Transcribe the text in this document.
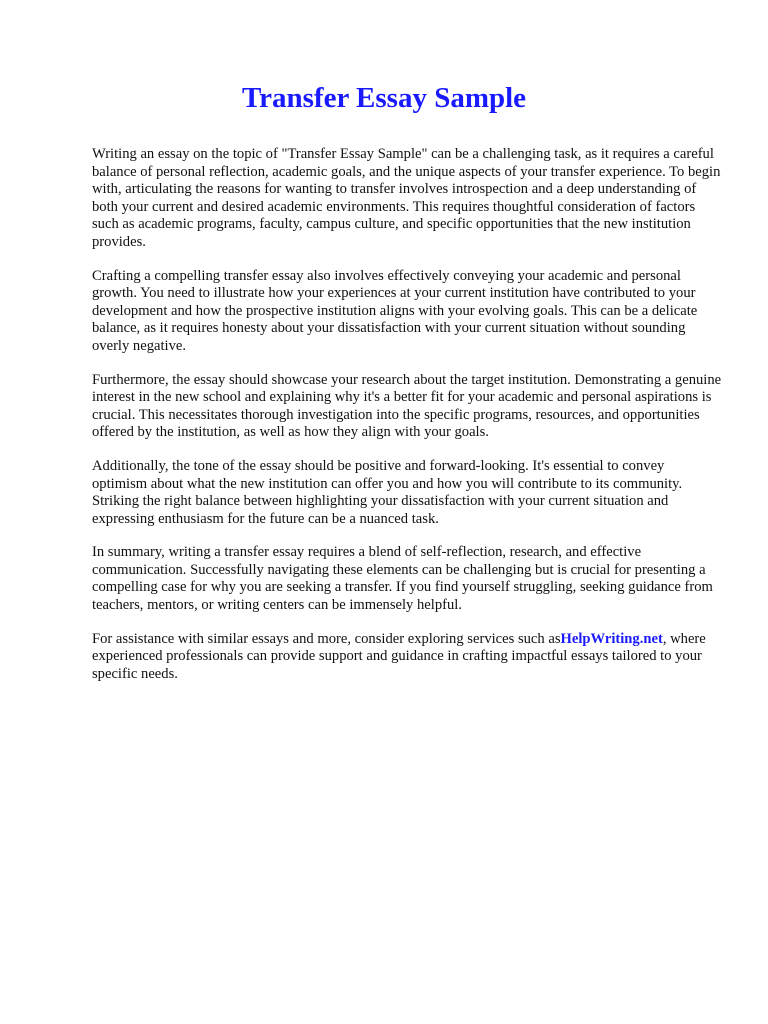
Transfer Essay Sample

Writing an essay on the topic of "Transfer Essay Sample" can be a challenging task, as it requires a careful balance of personal reflection, academic goals, and the unique aspects of your transfer experience. To begin with, articulating the reasons for wanting to transfer involves introspection and a deep understanding of both your current and desired academic environments. This requires thoughtful consideration of factors such as academic programs, faculty, campus culture, and specific opportunities that the new institution provides.

Crafting a compelling transfer essay also involves effectively conveying your academic and personal growth. You need to illustrate how your experiences at your current institution have contributed to your development and how the prospective institution aligns with your evolving goals. This can be a delicate balance, as it requires honesty about your dissatisfaction with your current situation without sounding overly negative.

Furthermore, the essay should showcase your research about the target institution. Demonstrating a genuine interest in the new school and explaining why it's a better fit for your academic and personal aspirations is crucial. This necessitates thorough investigation into the specific programs, resources, and opportunities offered by the institution, as well as how they align with your goals.

Additionally, the tone of the essay should be positive and forward-looking. It's essential to convey optimism about what the new institution can offer you and how you will contribute to its community. Striking the right balance between highlighting your dissatisfaction with your current situation and expressing enthusiasm for the future can be a nuanced task.

In summary, writing a transfer essay requires a blend of self-reflection, research, and effective communication. Successfully navigating these elements can be challenging but is crucial for presenting a compelling case for why you are seeking a transfer. If you find yourself struggling, seeking guidance from teachers, mentors, or writing centers can be immensely helpful.

For assistance with similar essays and more, consider exploring services such asHelpWriting.net, where experienced professionals can provide support and guidance in crafting impactful essays tailored to your specific needs.
